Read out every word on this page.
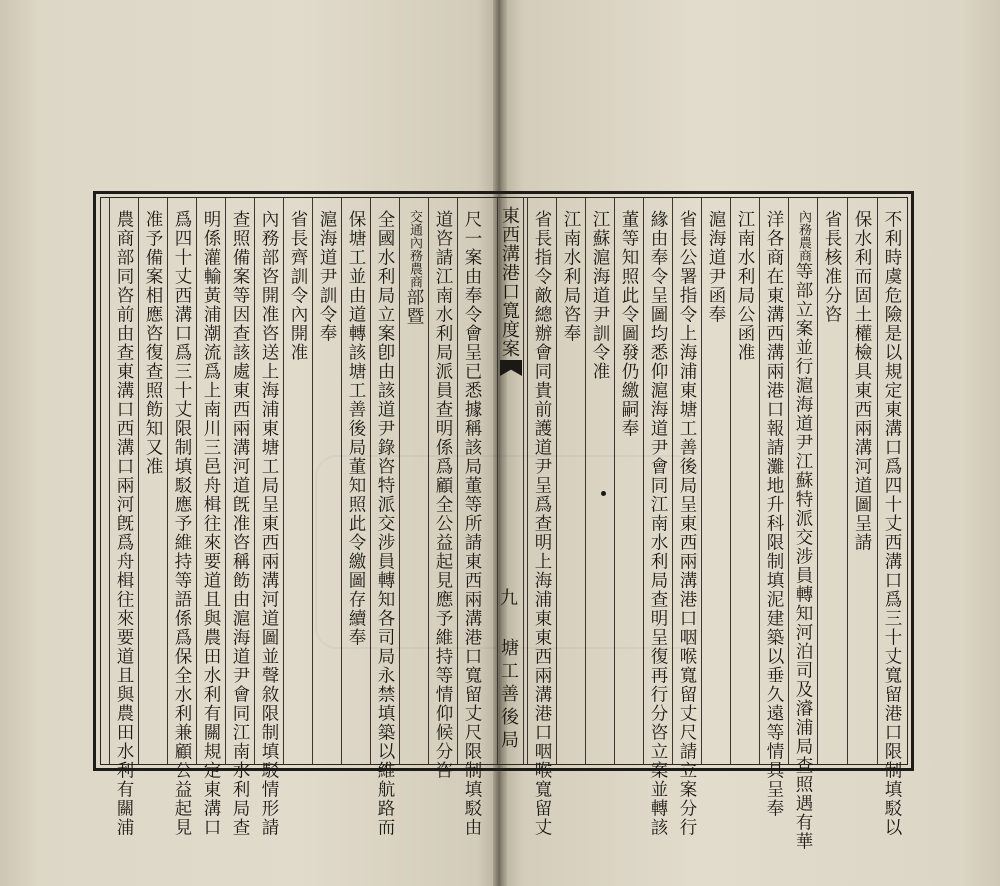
不利時虞危險是以規定東溝口爲四十丈西溝口爲三十丈寬留港口限制填駁以
保水利而固土權檢具東西兩溝河道圖呈請
省長核准分咨
內務農商等部立案並行滬海道尹江蘇特派交涉員轉知河泊司及濬浦局查照遇有華
洋各商在東溝西溝兩港口報請灘地升科限制填泥建築以垂久遠等情具呈奉
江南水利局公函准
滬海道尹函奉
省長公署指令上海浦東塘工善後局呈東西兩溝港口咽喉寬留丈尺請立案分行
緣由奉令呈圖均悉仰滬海道尹會同江南水利局查明呈復再行分咨立案並轉該
董等知照此令圖發仍繳嗣奉
江蘇滬海道尹訓令准
江南水利局咨奉
省長指令敵總辦會同貴前護道尹呈爲查明上海浦東東西兩溝港口咽喉寬留丈
尺一案由奉令會呈已悉據稱該局董等所請東西兩溝港口寬留丈尺限制填駁由
道咨請江南水利局派員查明係爲顧全公益起見應予維持等情仰候分咨
交通內務農商部暨
全國水利局立案卽由該道尹錄咨特派交涉員轉知各司局永禁填築以維航路而
保塘工並由道轉該塘工善後局董知照此令繳圖存續奉
滬海道尹訓令奉
省長齊訓令內開准
內務部咨開准咨送上海浦東塘工局呈東西兩溝河道圖並聲敘限制填駁情形請
查照備案等因查該處東西兩溝河道旣准咨稱飭由滬海道尹會同江南水利局查
明係灌輸黃浦潮流爲上南川三邑舟楫往來要道且與農田水利有關規定東溝口
爲四十丈西溝口爲三十丈限制填駁應予維持等語係爲保全水利兼顧公益起見
准予備案相應咨復查照飭知又准
農商部同咨前由查東溝口西溝口兩河旣爲舟楫往來要道且與農田水利有關浦	東西溝港口寬度案
九
塘工善後局
